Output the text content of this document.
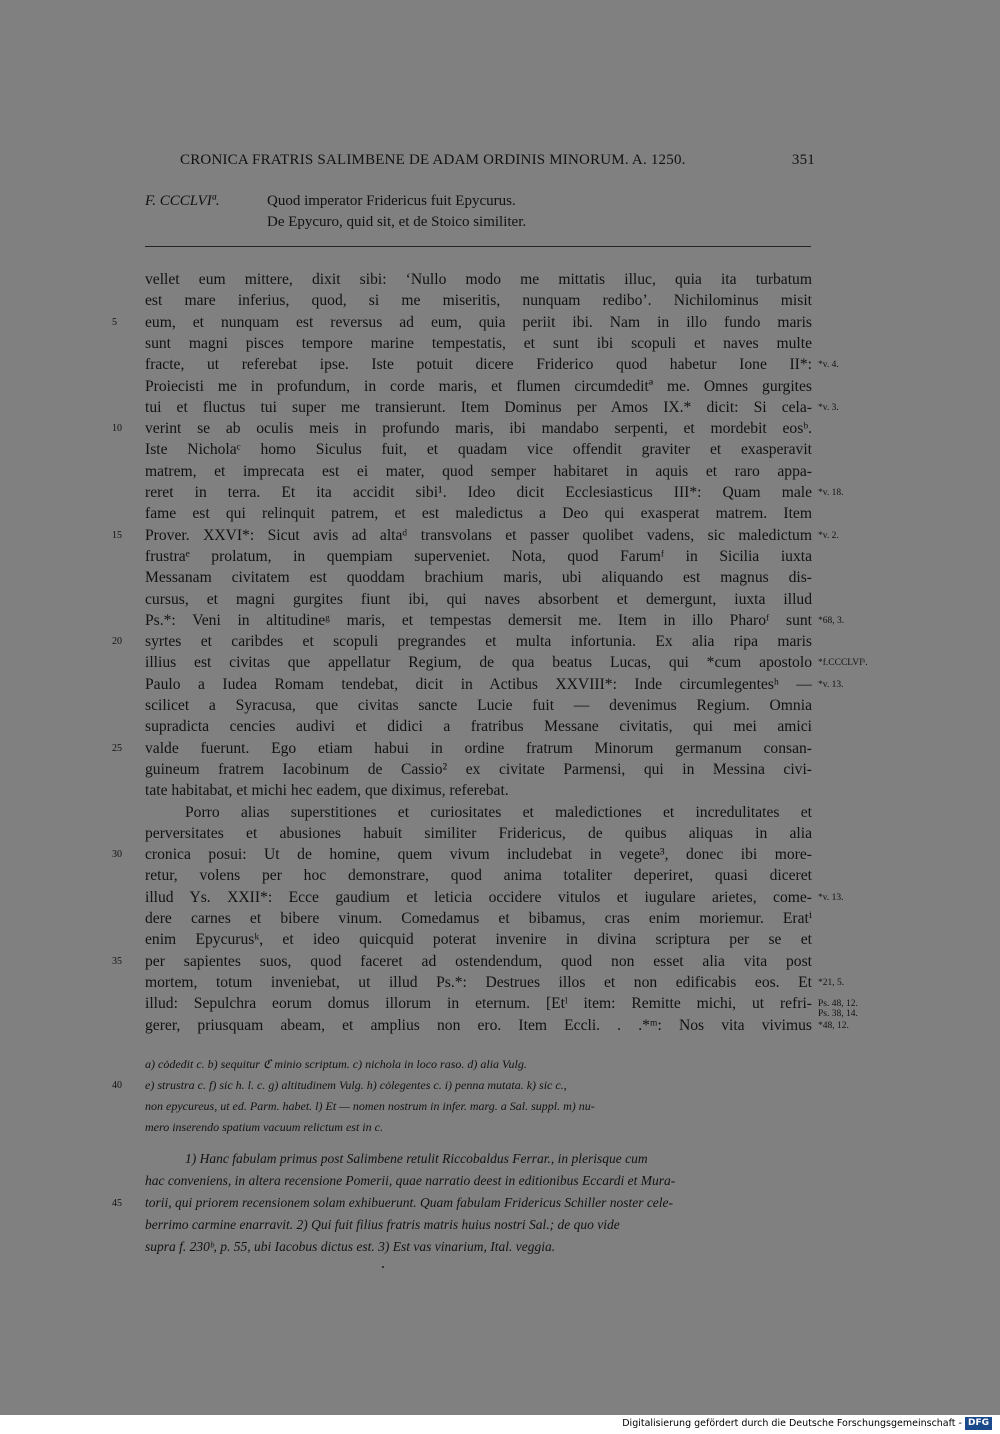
CRONICA FRATRIS SALIMBENE DE ADAM ORDINIS MINORUM. A. 1250.	351
F. CCCLVIª.	Quod imperator Fridericus fuit Epycurus.
De Epycuro, quid sit, et de Stoico similiter.
vellet eum mittere, dixit sibi: ‘Nullo modo me mittatis illuc, quia ita turbatum
est mare inferius, quod, si me miseritis, nunquam redibo’. Nichilominus misit
eum, et nunquam est reversus ad eum, quia periit ibi. Nam in illo fundo maris
sunt magni pisces tempore marine tempestatis, et sunt ibi scopuli et naves multe
fracte, ut referebat ipse. Iste potuit dicere Friderico quod habetur Ione II*:
Proiecisti me in profundum, in corde maris, et flumen circumdeditª me. Omnes gurgites
tui et fluctus tui super me transierunt. Item Dominus per Amos IX.* dicit: Si cela-
verint se ab oculis meis in profundo maris, ibi mandabo serpenti, et mordebit eosᵇ.
Iste Nicholaᶜ homo Siculus fuit, et quadam vice offendit graviter et exasperavit
matrem, et imprecata est ei mater, quod semper habitaret in aquis et raro appa-
reret in terra. Et ita accidit sibi¹. Ideo dicit Ecclesiasticus III*: Quam male
fame est qui relinquit patrem, et est maledictus a Deo qui exasperat matrem. Item
Prover. XXVI*: Sicut avis ad altaᵈ transvolans et passer quolibet vadens, sic maledictum
frustraᵉ prolatum, in quempiam superveniet. Nota, quod Farumᶠ in Sicilia iuxta
Messanam civitatem est quoddam brachium maris, ubi aliquando est magnus dis-
cursus, et magni gurgites fiunt ibi, qui naves absorbent et demergunt, iuxta illud
Ps.*: Veni in altitudineᵍ maris, et tempestas demersit me. Item in illo Pharoᶠ sunt
syrtes et caribdes et scopuli pregrandes et multa infortunia. Ex alia ripa maris
illius est civitas que appellatur Regium, de qua beatus Lucas, qui *cum apostolo
Paulo a Iudea Romam tendebat, dicit in Actibus XXVIII*: Inde circumlegentesʰ —
scilicet a Syracusa, que civitas sancte Lucie fuit — devenimus Regium. Omnia
supradicta cencies audivi et didici a fratribus Messane civitatis, qui mei amici
valde fuerunt. Ego etiam habui in ordine fratrum Minorum germanum consan-
guineum fratrem Iacobinum de Cassio² ex civitate Parmensi, qui in Messina civi-
tate habitabat, et michi hec eadem, que diximus, referebat.
Porro alias superstitiones et curiositates et maledictiones et incredulitates et
perversitates et abusiones habuit similiter Fridericus, de quibus aliquas in alia
cronica posui: Ut de homine, quem vivum includebat in vegete³, donec ibi more-
retur, volens per hoc demonstrare, quod anima totaliter deperiret, quasi diceret
illud Ys. XXII*: Ecce gaudium et leticia occidere vitulos et iugulare arietes, come-
dere carnes et bibere vinum. Comedamus et bibamus, cras enim moriemur. Eratⁱ
enim Epycurusᵏ, et ideo quicquid poterat invenire in divina scriptura per se et
per sapientes suos, quod faceret ad ostendendum, quod non esset alia vita post
mortem, totum inveniebat, ut illud Ps.*: Destrues illos et non edificabis eos. Et
illud: Sepulchra eorum domus illorum in eternum. [Etˡ item: Remitte michi, ut refri-
gerer, priusquam abeam, et amplius non ero. Item Eccli. . .*ᵐ: Nos vita vivimus
5
10
15
20
25
30
35
40
45
*v. 4.
*v. 3.
*v. 18.
*v. 2.
*68, 3.
*f.CCCLVIᵇ.
*v. 13.
*v. 13.
*21, 5.
Ps. 48, 12.
Ps. 38, 14.
*48, 12.
a) cȯdedit c. b) sequitur ℭ minio scriptum. c) nichola in loco raso. d) alia Vulg.
e) strustra c. f) sic h. l. c. g) altitudinem Vulg. h) cȯlegentes c. i) penna mutata. k) sic c.,
non epycureus, ut ed. Parm. habet. l) Et — nomen nostrum in infer. marg. a Sal. suppl. m) nu-
mero inserendo spatium vacuum relictum est in c.
1) Hanc fabulam primus post Salimbene retulit Riccobaldus Ferrar., in plerisque cum
hac conveniens, in altera recensione Pomerii, quae narratio deest in editionibus Eccardi et Mura-
torii, qui priorem recensionem solam exhibuerunt. Quam fabulam Fridericus Schiller noster cele-
berrimo carmine enarravit. 2) Qui fuit filius fratris matris huius nostri Sal.; de quo vide
supra f. 230ᵇ, p. 55, ubi Iacobus dictus est. 3) Est vas vinarium, Ital. veggia.
Digitalisierung gefördert durch die Deutsche Forschungsgemeinschaft - DFG
